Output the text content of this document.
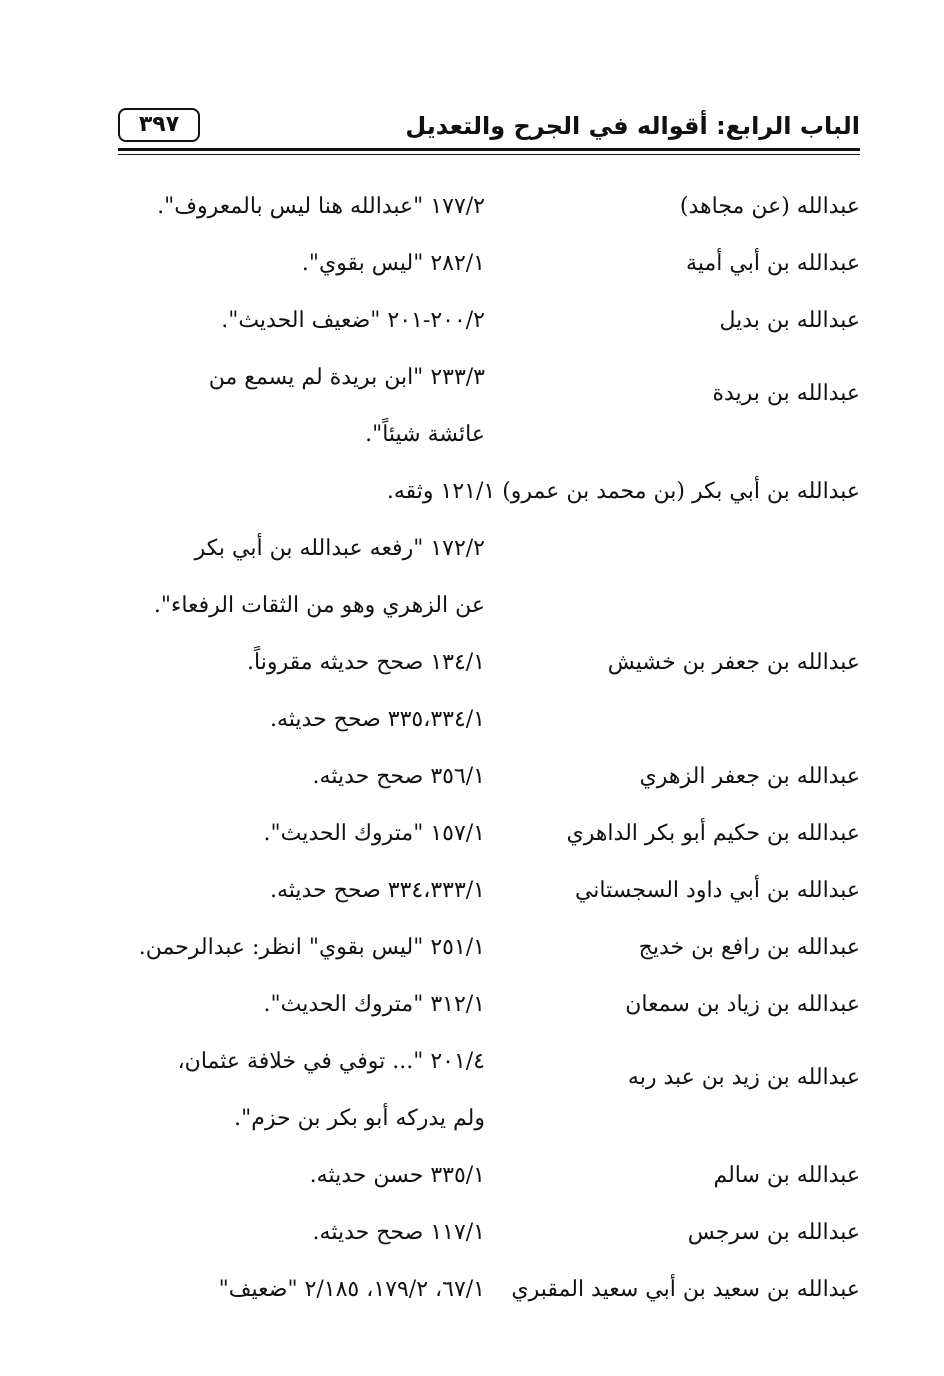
الباب الرابع: أقواله في الجرح والتعديل
٣٩٧
عبدالله (عن مجاهد)
١٧٧/٢ "عبدالله هنا ليس بالمعروف".
عبدالله بن أبي أمية
٢٨٢/١ "ليس بقوي".
عبدالله بن بديل
٢٠٠/٢-٢٠١ "ضعيف الحديث".
عبدالله بن بريدة
٢٣٣/٣ "ابن بريدة لم يسمع من
عائشة شيئاً".
عبدالله بن أبي بكر (بن محمد بن عمرو) ١٢١/١ وثقه.
١٧٢/٢ "رفعه عبدالله بن أبي بكر
عن الزهري وهو من الثقات الرفعاء".
عبدالله بن جعفر بن خشيش
١٣٤/١ صحح حديثه مقروناً.
٣٣٥،٣٣٤/١ صحح حديثه.
عبدالله بن جعفر الزهري
٣٥٦/١ صحح حديثه.
عبدالله بن حكيم أبو بكر الداهري
١٥٧/١ "متروك الحديث".
عبدالله بن أبي داود السجستاني
٣٣٤،٣٣٣/١ صحح حديثه.
عبدالله بن رافع بن خديج
٢٥١/١ "ليس بقوي" انظر: عبدالرحمن.
عبدالله بن زياد بن سمعان
٣١٢/١ "متروك الحديث".
عبدالله بن زيد بن عبد ربه
٢٠١/٤ "... توفي في خلافة عثمان،
ولم يدركه أبو بكر بن حزم".
عبدالله بن سالم
٣٣٥/١ حسن حديثه.
عبدالله بن سرجس
١١٧/١ صحح حديثه.
عبدالله بن سعيد بن أبي سعيد المقبري
٦٧/١، ١٧٩/٢، ٢/١٨٥ "ضعيف"
